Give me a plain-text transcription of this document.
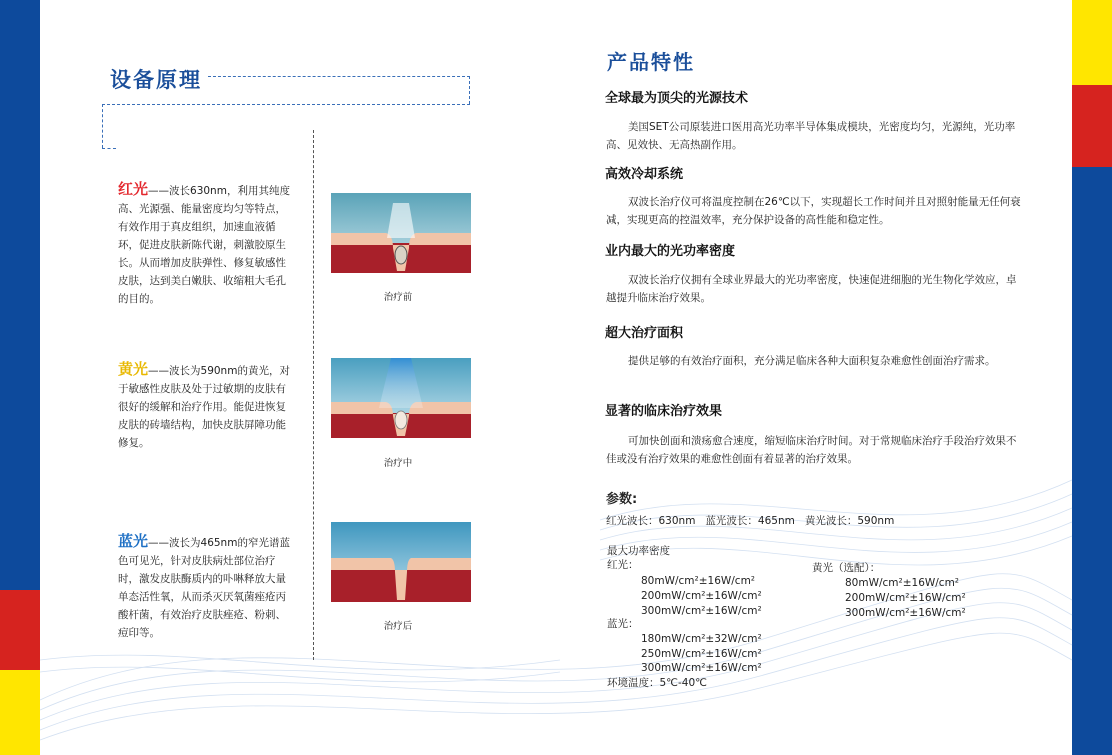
设备原理
红光——波长630nm，利用其纯度高、光源强、能量密度均匀等特点，有效作用于真皮组织，加速血液循环，促进皮肤新陈代谢，刺激胶原生长。从而增加皮肤弹性、修复敏感性皮肤，达到美白嫩肤、收缩粗大毛孔的目的。
黄光——波长为590nm的黄光，对于敏感性皮肤及处于过敏期的皮肤有很好的缓解和治疗作用。能促进恢复皮肤的砖墙结构，加快皮肤屏障功能修复。
蓝光——波长为465nm的窄光谱蓝色可见光，针对皮肤病灶部位治疗时，激发皮肤酶质内的卟啉释放大量单态活性氧，从而杀灭厌氧菌痤疮丙酸杆菌，有效治疗皮肤痤疮、粉刺、痘印等。
治疗前
治疗中
治疗后
产品特性
全球最为顶尖的光源技术
美国SET公司原装进口医用高光功率半导体集成模块，光密度均匀，光源纯，光功率高、见效快、无高热副作用。
高效冷却系统
双波长治疗仪可将温度控制在26℃以下，实现超长工作时间并且对照射能量无任何衰减，实现更高的控温效率，充分保护设备的高性能和稳定性。
业内最大的光功率密度
双波长治疗仪拥有全球业界最大的光功率密度，快速促进细胞的光生物化学效应，卓越提升临床治疗效果。
超大治疗面积
提供足够的有效治疗面积，充分满足临床各种大面积复杂难愈性创面治疗需求。
显著的临床治疗效果
可加快创面和溃疡愈合速度，缩短临床治疗时间。对于常规临床治疗手段治疗效果不佳或没有治疗效果的难愈性创面有着显著的治疗效果。
参数:
红光波长：630nm   蓝光波长：465nm   黄光波长：590nm
最大功率密度
红光：
80mW/cm²±16W/cm²
200mW/cm²±16W/cm²
300mW/cm²±16W/cm²
蓝光：
180mW/cm²±32W/cm²
250mW/cm²±16W/cm²
300mW/cm²±16W/cm²
环境温度：5℃-40℃
黄光（选配）：
80mW/cm²±16W/cm²
200mW/cm²±16W/cm²
300mW/cm²±16W/cm²
